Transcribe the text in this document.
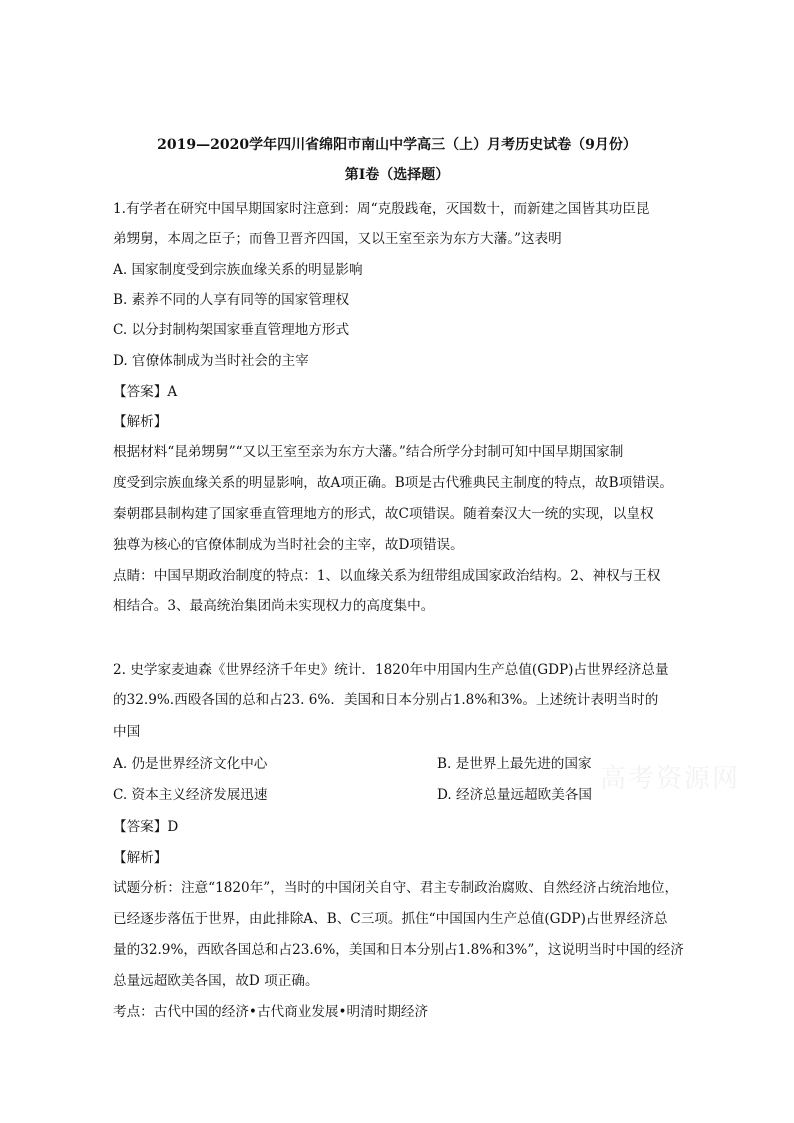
2019—2020学年四川省绵阳市南山中学高三（上）月考历史试卷（9月份）
第Ⅰ卷（选择题）
1.有学者在研究中国早期国家时注意到：周“克殷践奄，灭国数十，而新建之国皆其功臣昆
弟甥舅，本周之臣子；而鲁卫晋齐四国，又以王室至亲为东方大藩。”这表明
A. 国家制度受到宗族血缘关系的明显影响
B. 素养不同的人享有同等的国家管理权
C. 以分封制构架国家垂直管理地方形式
D. 官僚体制成为当时社会的主宰
【答案】A
【解析】
根据材料“昆弟甥舅”“又以王室至亲为东方大藩。”结合所学分封制可知中国早期国家制
度受到宗族血缘关系的明显影响，故A项正确。B项是古代雅典民主制度的特点，故B项错误。
秦朝郡县制构建了国家垂直管理地方的形式，故C项错误。随着秦汉大一统的实现，以皇权
独尊为核心的官僚体制成为当时社会的主宰，故D项错误。
点睛：中国早期政治制度的特点：1、以血缘关系为纽带组成国家政治结构。2、神权与王权
相结合。3、最高统治集团尚未实现权力的高度集中。
2. 史学家麦迪森《世界经济千年史》统计．1820年中用国内生产总值(GDP)占世界经济总量
的32.9%.西殴各国的总和占23. 6%．美国和日本分别占1.8%和3%。上述统计表明当时的
中国
A. 仍是世界经济文化中心	B. 是世界上最先进的国家
C. 资本主义经济发展迅速	D. 经济总量远超欧美各国
【答案】D
【解析】
试题分析：注意“1820年”，当时的中国闭关自守、君主专制政治腐败、自然经济占统治地位，
已经逐步落伍于世界，由此排除A、B、C三项。抓住“中国国内生产总值(GDP)占世界经济总
量的32.9%，西欧各国总和占23.6%，美国和日本分别占1.8%和3%”，这说明当时中国的经济
总量远超欧美各国，故D 项正确。
考点：古代中国的经济•古代商业发展•明清时期经济
高考资源网
